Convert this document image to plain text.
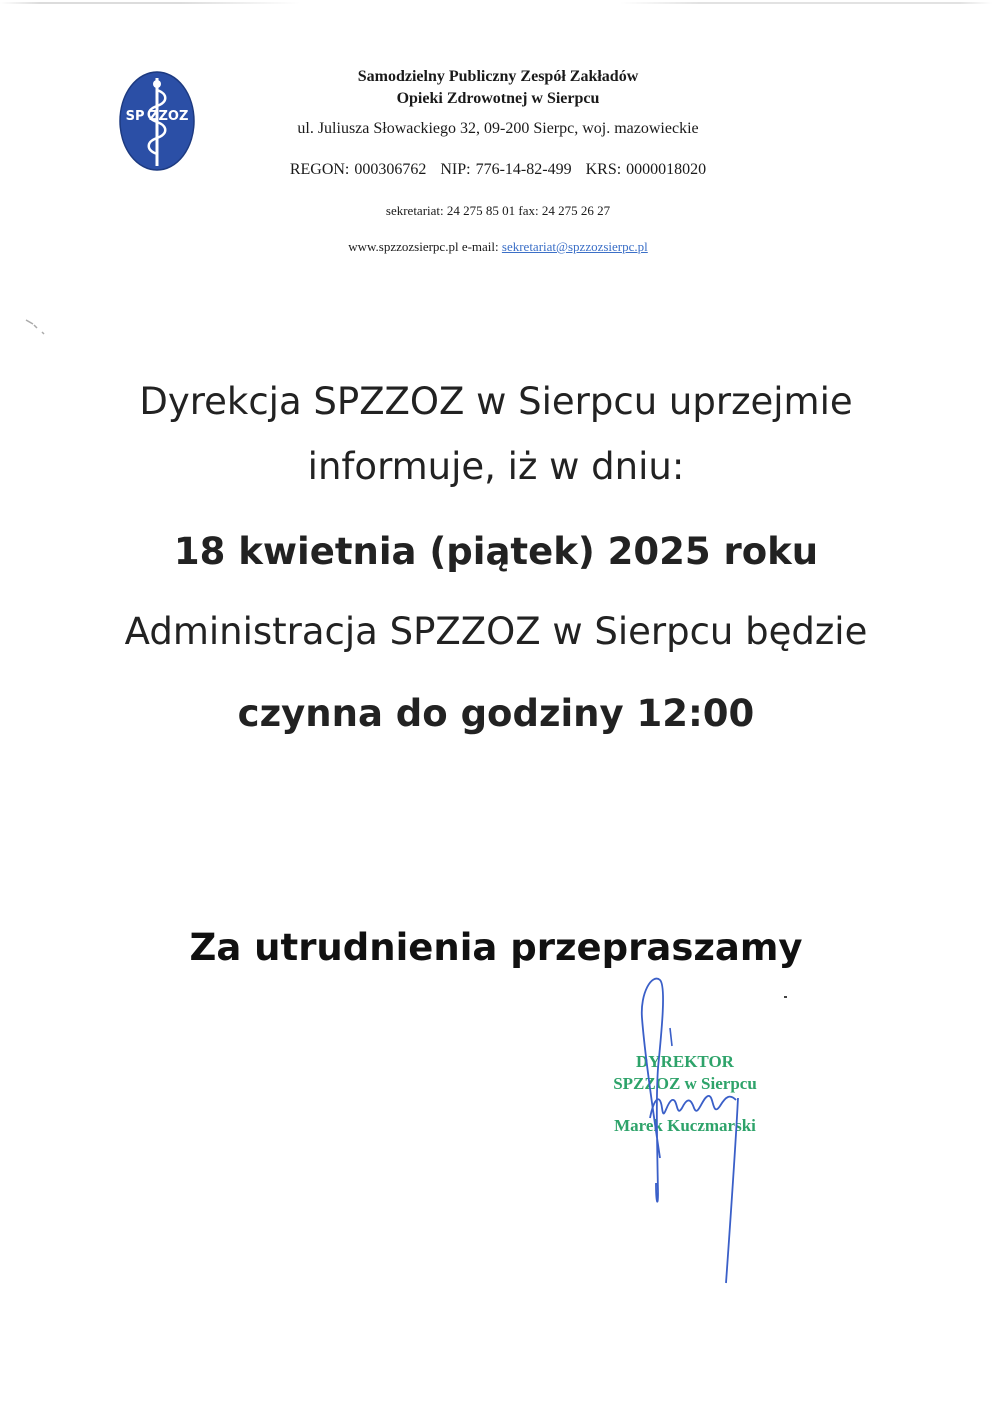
SP ZZOZ
Samodzielny Publiczny Zespół Zakładów
Opieki Zdrowotnej w Sierpcu
ul. Juliusza Słowackiego 32, 09-200 Sierpc, woj. mazowieckie
REGON: 000306762 NIP: 776-14-82-499 KRS: 0000018020
sekretariat: 24 275 85 01 fax: 24 275 26 27
www.spzzozsierpc.pl e-mail: sekretariat@spzzozsierpc.pl
Dyrekcja SPZZOZ w Sierpcu uprzejmie
informuje, iż w dniu:
18 kwietnia (piątek) 2025 roku
Administracja SPZZOZ w Sierpcu będzie
czynna do godziny 12:00
Za utrudnienia przepraszamy
DYREKTOR
SPZZOZ w Sierpcu
Marek Kuczmarski
